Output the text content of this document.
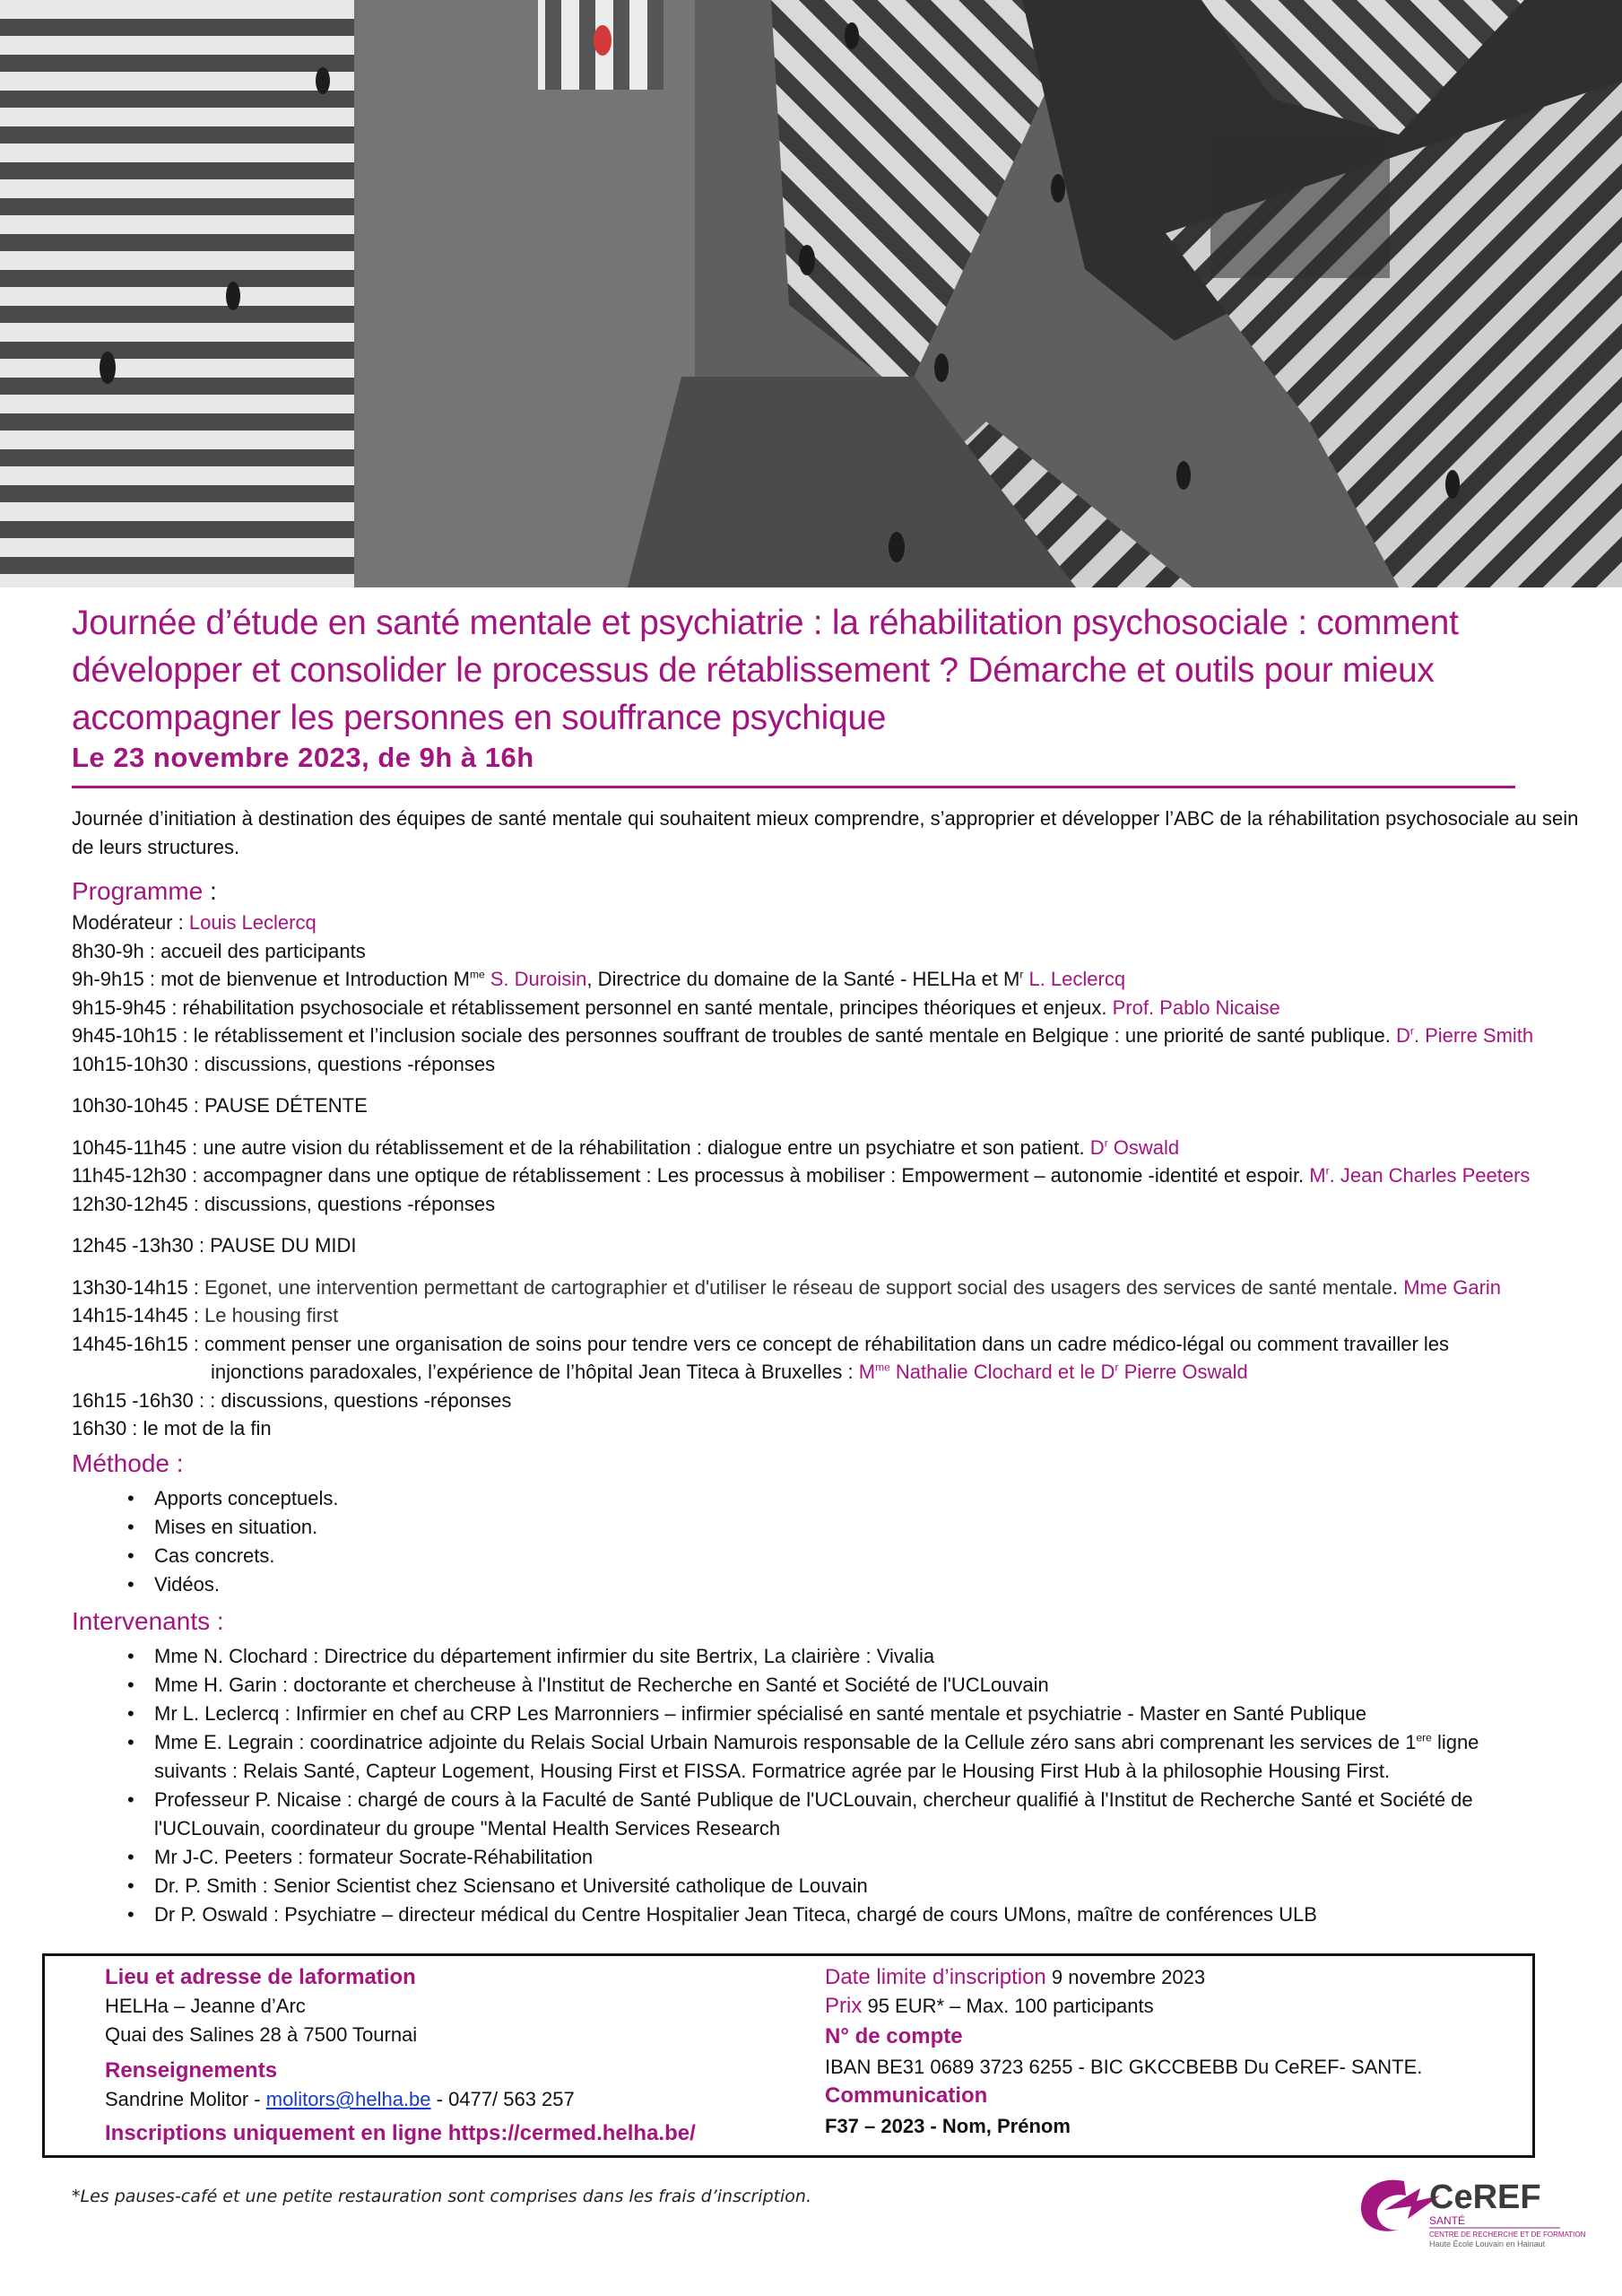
Journée d’étude en santé mentale et psychiatrie : la réhabilitation psychosociale : comment développer et consolider le processus de rétablissement ? Démarche et outils pour mieux accompagner les personnes en souffrance psychique
Le 23 novembre 2023, de 9h à 16h
Journée d’initiation à destination des équipes de santé mentale qui souhaitent mieux comprendre, s’approprier et développer l’ABC de la réhabilitation psychosociale au sein de leurs structures.
Programme :
Modérateur : Louis Leclercq
8h30-9h : accueil des participants
9h-9h15 : mot de bienvenue et Introduction $M^{me}$ S. Duroisin, Directrice du domaine de la Santé - HELHa et $M^r$ L. Leclercq
9h15-9h45 : réhabilitation psychosociale et rétablissement personnel en santé mentale, principes théoriques et enjeux. Prof. Pablo Nicaise
9h45-10h15 : le rétablissement et l’inclusion sociale des personnes souffrant de troubles de santé mentale en Belgique : une priorité de santé publique. $D^r$. Pierre Smith
10h15-10h30 : discussions, questions -réponses
10h30-10h45 : PAUSE DÉTENTE
10h45-11h45 : une autre vision du rétablissement et de la réhabilitation : dialogue entre un psychiatre et son patient. $D^r$ Oswald
11h45-12h30 : accompagner dans une optique de rétablissement : Les processus à mobiliser : Empowerment – autonomie -identité et espoir. $M^r$. Jean Charles Peeters
12h30-12h45 : discussions, questions -réponses
12h45 -13h30 : PAUSE DU MIDI
13h30-14h15 : Egonet, une intervention permettant de cartographier et d'utiliser le réseau de support social des usagers des services de santé mentale. Mme Garin
14h15-14h45 : Le housing first
14h45-16h15 : comment penser une organisation de soins pour tendre vers ce concept de réhabilitation dans un cadre médico-légal ou comment travailler les
injonctions paradoxales, l’expérience de l’hôpital Jean Titeca à Bruxelles : $M^{me}$ Nathalie Clochard et le $D^r$ Pierre Oswald
16h15 -16h30 : : discussions, questions -réponses
16h30 : le mot de la fin
Méthode :
• Apports conceptuels.
• Mises en situation.
• Cas concrets.
• Vidéos.
Intervenants :
• Mme N. Clochard : Directrice du département infirmier du site Bertrix, La clairière : Vivalia
• Mme H. Garin : doctorante et chercheuse à l'Institut de Recherche en Santé et Société de l'UCLouvain
• Mr L. Leclercq : Infirmier en chef au CRP Les Marronniers – infirmier spécialisé en santé mentale et psychiatrie - Master en Santé Publique
• Mme E. Legrain : coordinatrice adjointe du Relais Social Urbain Namurois responsable de la Cellule zéro sans abri comprenant les services de 1ere ligne
suivants : Relais Santé, Capteur Logement, Housing First et FISSA. Formatrice agrée par le Housing First Hub à la philosophie Housing First.
• Professeur P. Nicaise : chargé de cours à la Faculté de Santé Publique de l'UCLouvain, chercheur qualifié à l'Institut de Recherche Santé et Société de
l'UCLouvain, coordinateur du groupe "Mental Health Services Research
• Mr J-C. Peeters : formateur Socrate-Réhabilitation
• Dr. P. Smith : Senior Scientist chez Sciensano et Université catholique de Louvain
• Dr P. Oswald : Psychiatre – directeur médical du Centre Hospitalier Jean Titeca, chargé de cours UMons, maître de conférences ULB
Lieu et adresse de laformation
HELHa – Jeanne d’Arc
Quai des Salines 28 à 7500 Tournai
Renseignements
Sandrine Molitor - molitors@helha.be - 0477/ 563 257
Inscriptions uniquement en ligne https://cermed.helha.be/
Date limite d’inscription 9 novembre 2023
Prix 95 EUR* – Max. 100 participants
N° de compte
IBAN BE31 0689 3723 6255 - BIC GKCCBEBB Du CeREF- SANTE.
Communication
F37 – 2023 - Nom, Prénom
*Les pauses-café et une petite restauration sont comprises dans les frais d’inscription.	CeREF
SANTÉ
CENTRE DE RECHERCHE ET DE FORMATION
Haute École Louvain en Hainaut
